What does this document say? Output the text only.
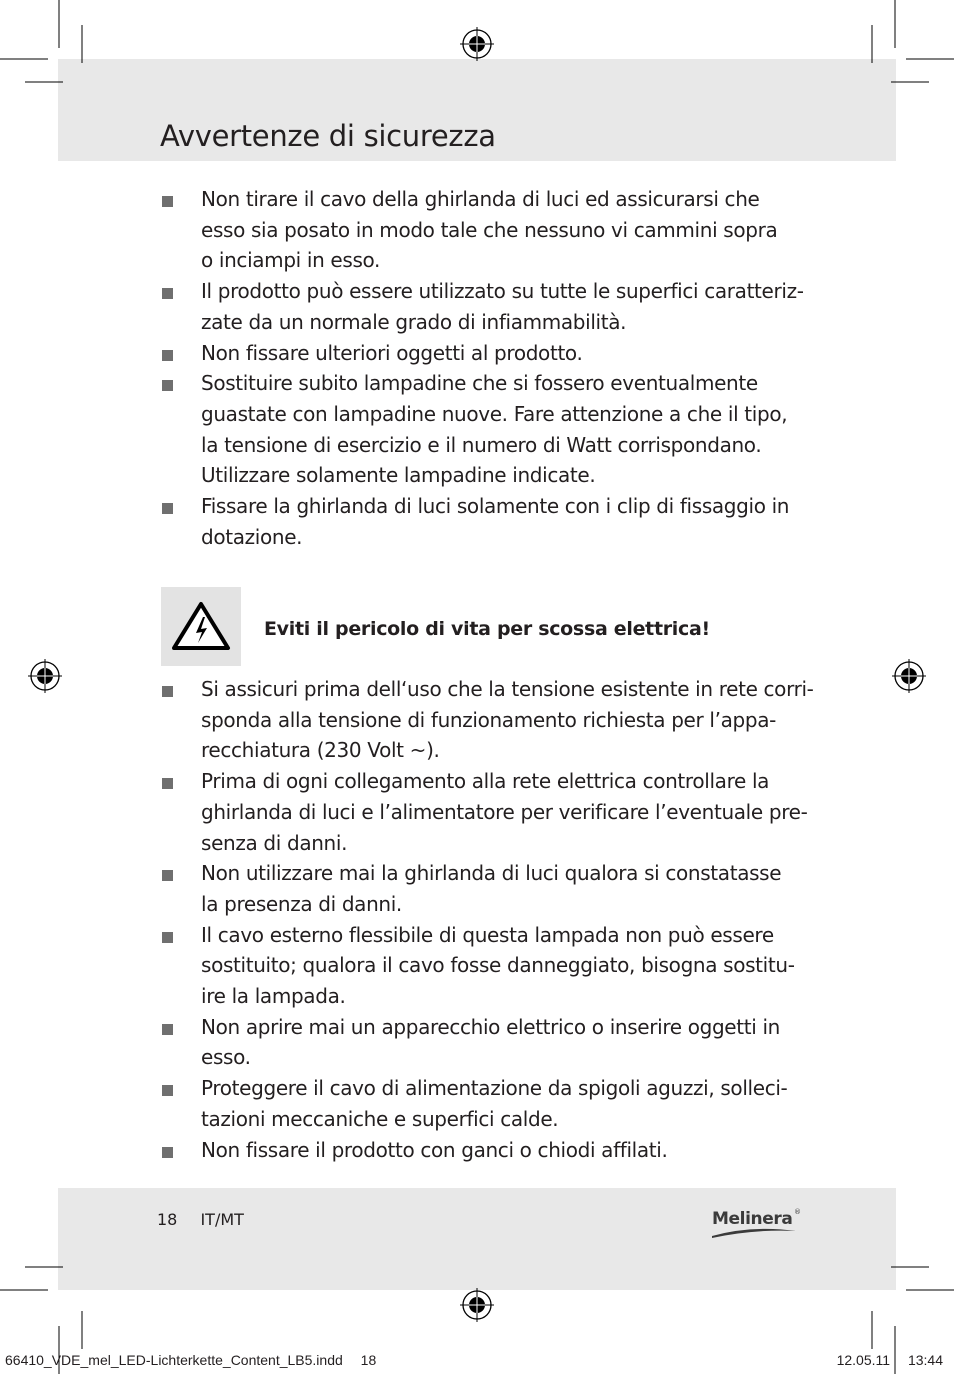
Avvertenze di sicurezza
Non tirare il cavo della ghirlanda di luci ed assicurarsi che
esso sia posato in modo tale che nessuno vi cammini sopra
o inciampi in esso.
Il prodotto può essere utilizzato su tutte le superfici caratteriz-
zate da un normale grado di infiammabilità.
Non fissare ulteriori oggetti al prodotto.
Sostituire subito lampadine che si fossero eventualmente
guastate con lampadine nuove. Fare attenzione a che il tipo,
la tensione di esercizio e il numero di Watt corrispondano.
Utilizzare solamente lampadine indicate.
Fissare la ghirlanda di luci solamente con i clip di fissaggio in
dotazione.
Eviti il pericolo di vita per scossa elettrica!
Si assicuri prima dell‘uso che la tensione esistente in rete corri-
sponda alla tensione di funzionamento richiesta per l’appa-
recchiatura (230 Volt ~).
Prima di ogni collegamento alla rete elettrica controllare la
ghirlanda di luci e l’alimentatore per verificare l’eventuale pre-
senza di danni.
Non utilizzare mai la ghirlanda di luci qualora si constatasse
la presenza di danni.
Il cavo esterno flessibile di questa lampada non può essere
sostituito; qualora il cavo fosse danneggiato, bisogna sostitu-
ire la lampada.
Non aprire mai un apparecchio elettrico o inserire oggetti in
esso.
Proteggere il cavo di alimentazione da spigoli aguzzi, solleci-
tazioni meccaniche e superfici calde.
Non fissare il prodotto con ganci o chiodi affilati.
18 IT/MT	Melinera ®
66410_VDE_mel_LED-Lichterkette_Content_LB5.indd 18	12.05.11 13:44
